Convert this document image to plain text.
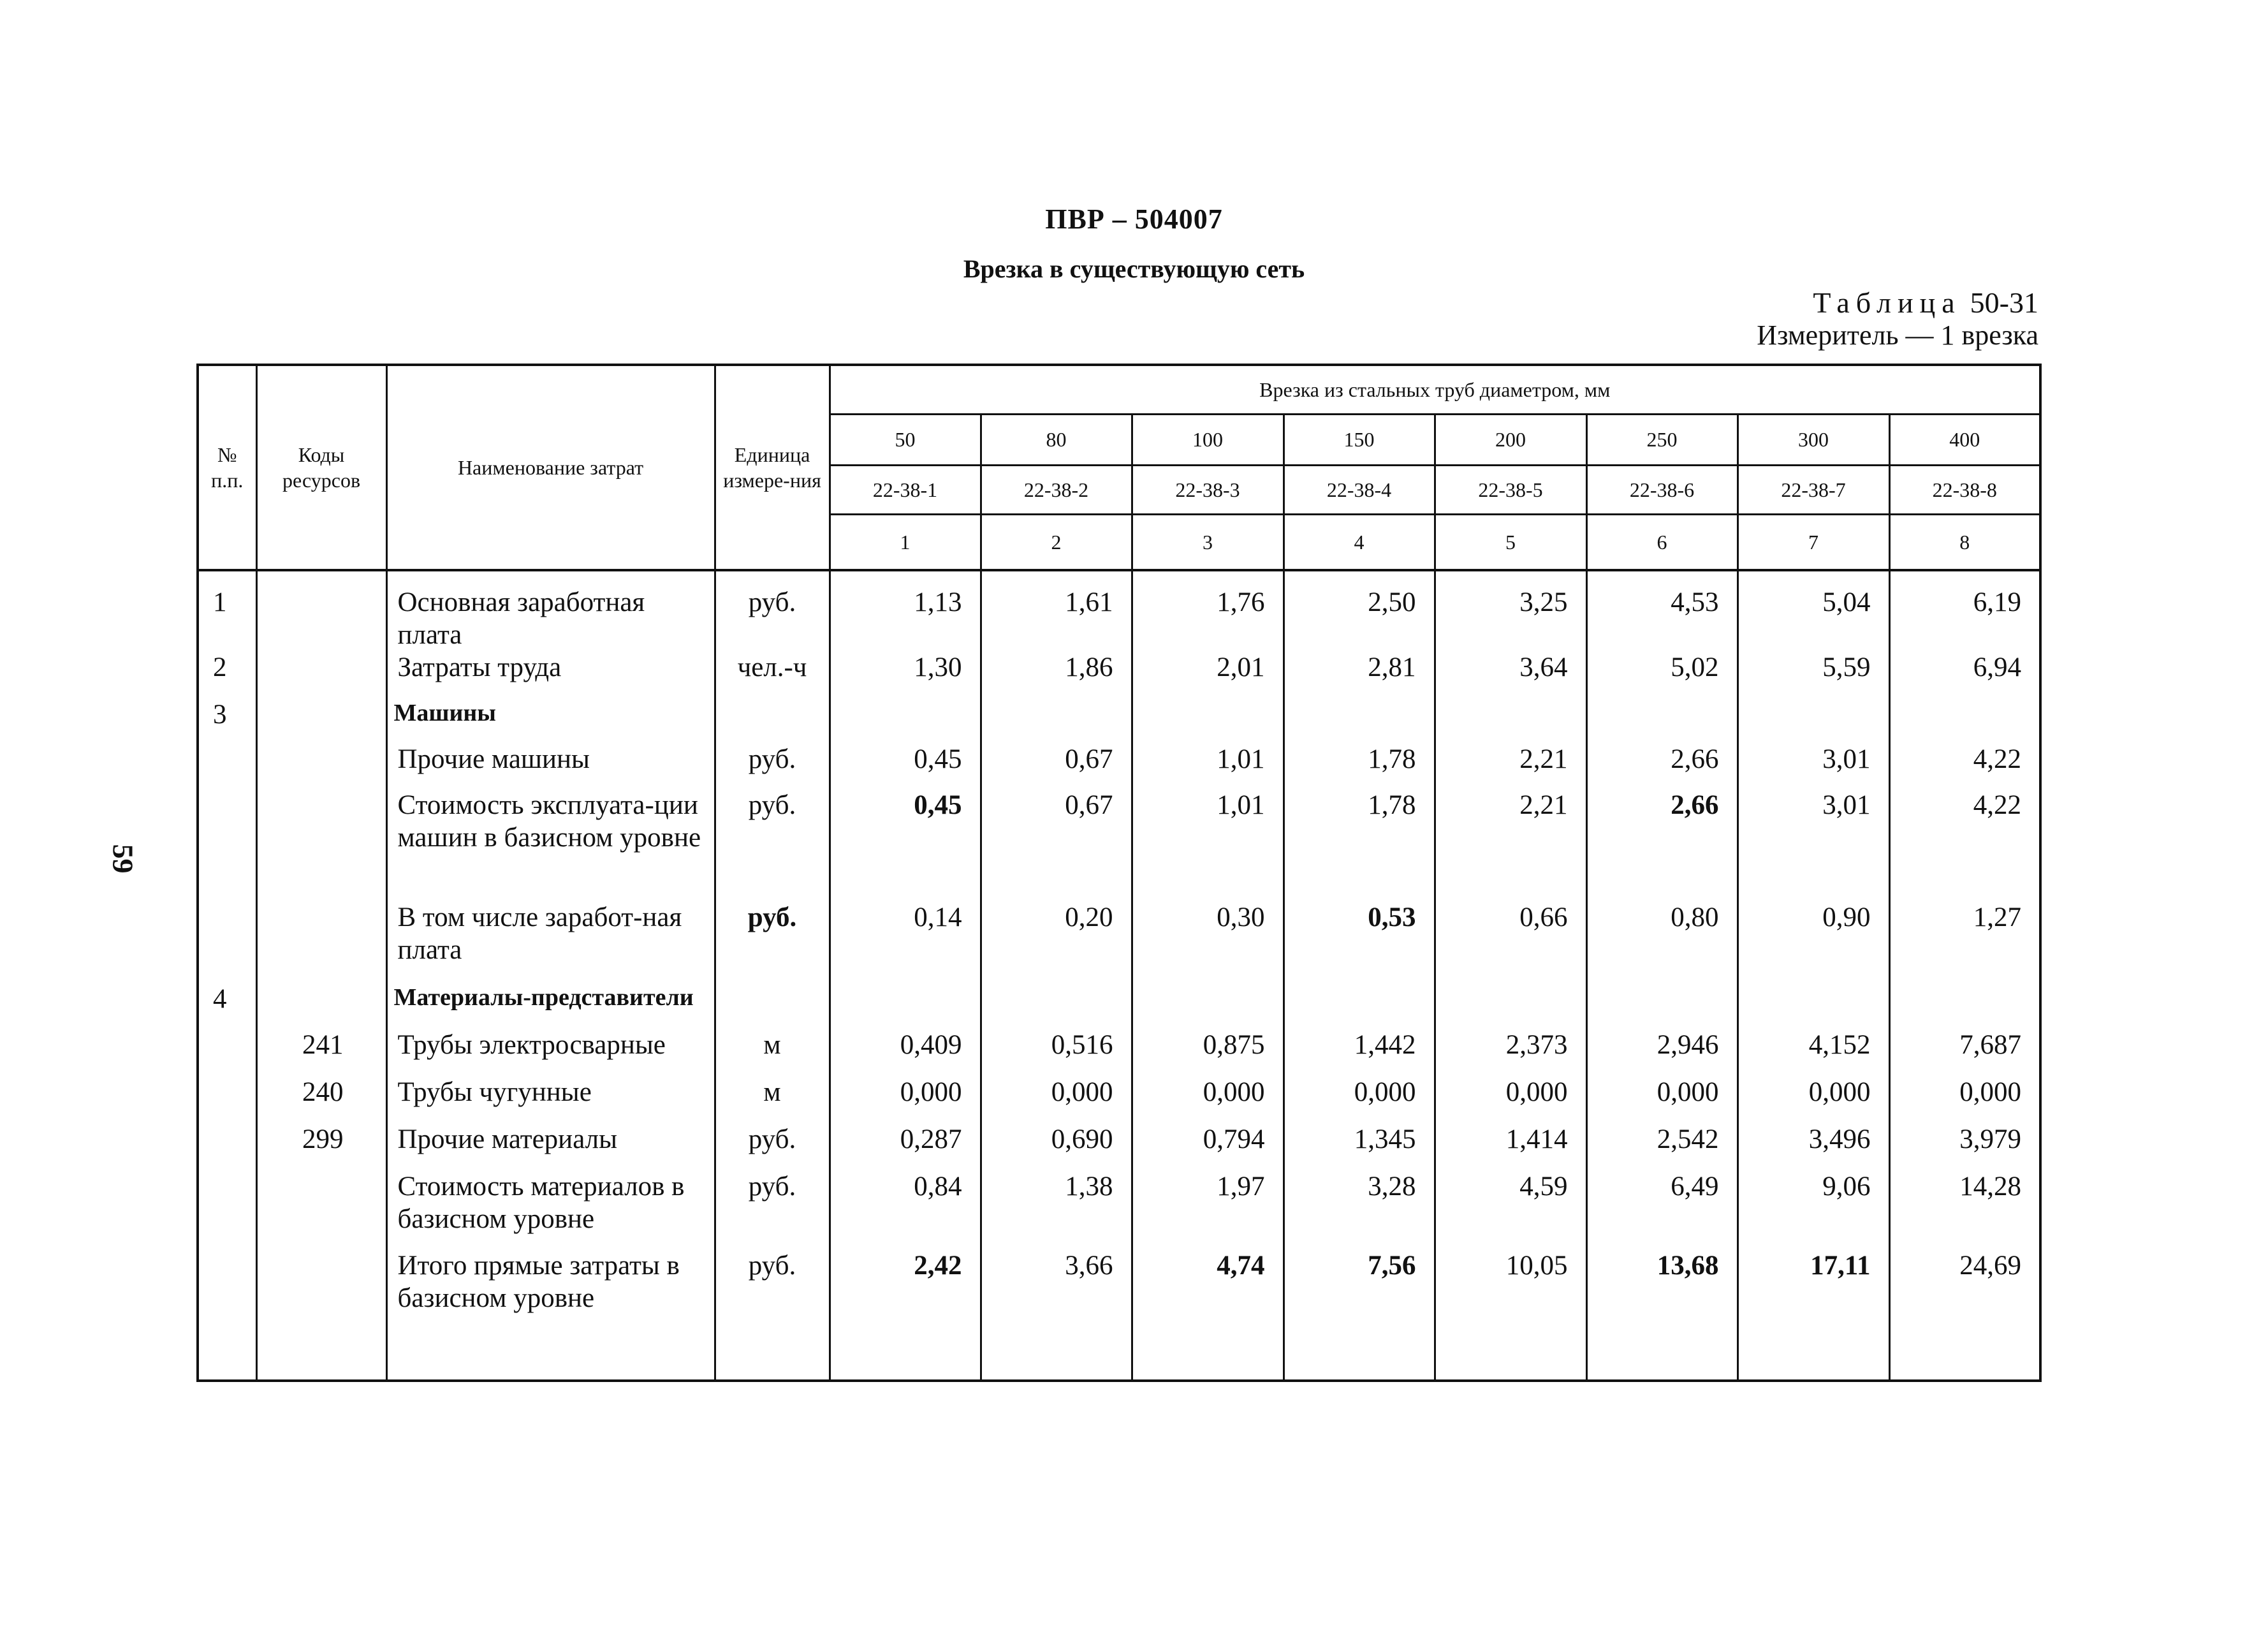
ПВР – 504007
Врезка в существующую сеть
Таблица 50-31
Измеритель — 1 врезка
59
№ п.п.	Коды ресурсов	Наименование затрат	Единица измере-ния	Врезка из стальных труб диаметром, мм							
				50	80	100	150	200	250	300	400
				22-38-1	22-38-2	22-38-3	22-38-4	22-38-5	22-38-6	22-38-7	22-38-8
				1	2	3	4	5	6	7	8
1		Основная заработная плата	руб.	1,13	1,61	1,76	2,50	3,25	4,53	5,04	6,19
2		Затраты труда	чел.-ч	1,30	1,86	2,01	2,81	3,64	5,02	5,59	6,94
3		Машины									
		Прочие машины	руб.	0,45	0,67	1,01	1,78	2,21	2,66	3,01	4,22
		Стоимость эксплуата-ции машин в базисном уровне	руб.	0,45	0,67	1,01	1,78	2,21	2,66	3,01	4,22
		В том числе заработ-ная плата	руб.	0,14	0,20	0,30	0,53	0,66	0,80	0,90	1,27
4		Материалы-представители									
	241	Трубы электросварные	м	0,409	0,516	0,875	1,442	2,373	2,946	4,152	7,687
	240	Трубы чугунные	м	0,000	0,000	0,000	0,000	0,000	0,000	0,000	0,000
	299	Прочие материалы	руб.	0,287	0,690	0,794	1,345	1,414	2,542	3,496	3,979
		Стоимость материалов в базисном уровне	руб.	0,84	1,38	1,97	3,28	4,59	6,49	9,06	14,28
		Итого прямые затраты в базисном уровне	руб.	2,42	3,66	4,74	7,56	10,05	13,68	17,11	24,69
